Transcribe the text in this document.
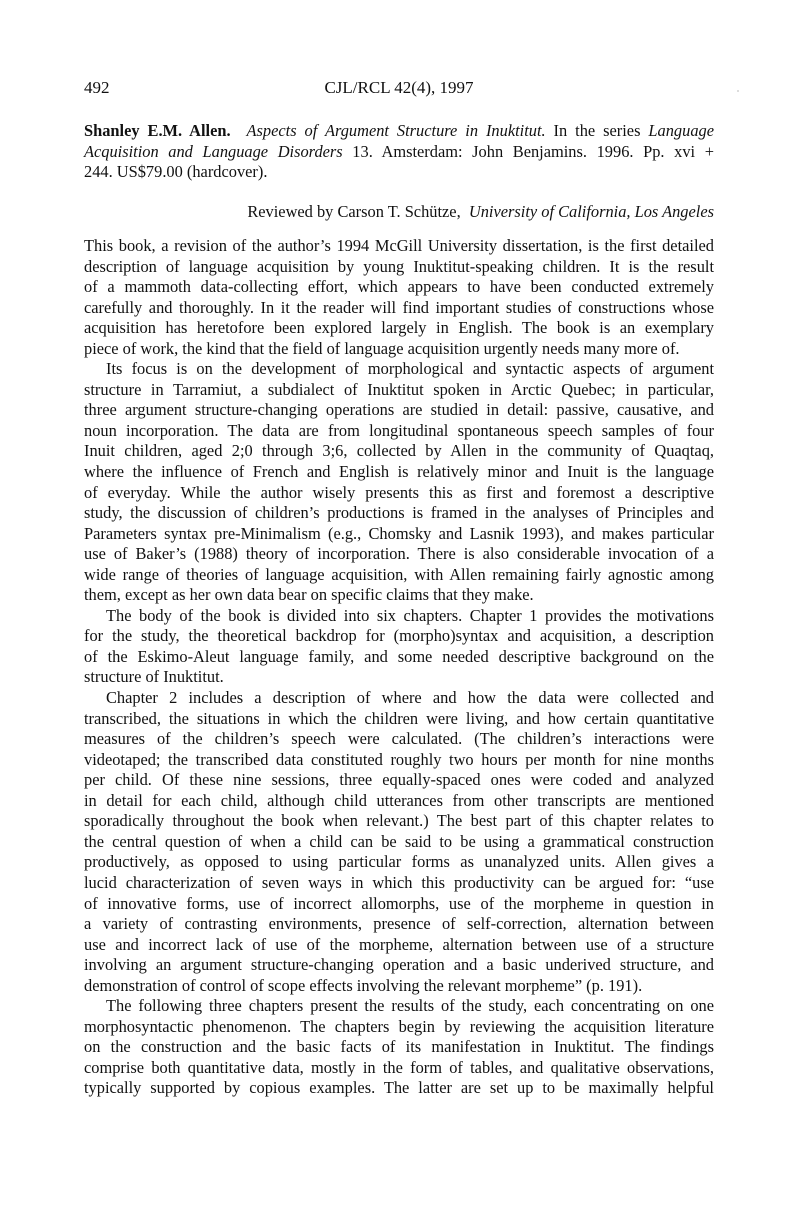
492	CJL/RCL 42(4), 1997
Shanley E.M. Allen. Aspects of Argument Structure in Inuktitut. In the series Language
Acquisition and Language Disorders 13. Amsterdam: John Benjamins. 1996. Pp. xvi +
244. US$79.00 (hardcover).
Reviewed by Carson T. Schütze, University of California, Los Angeles
This book, a revision of the author’s 1994 McGill University dissertation, is the first detailed
description of language acquisition by young Inuktitut-speaking children. It is the result
of a mammoth data-collecting effort, which appears to have been conducted extremely
carefully and thoroughly. In it the reader will find important studies of constructions whose
acquisition has heretofore been explored largely in English. The book is an exemplary
piece of work, the kind that the field of language acquisition urgently needs many more of.
Its focus is on the development of morphological and syntactic aspects of argument
structure in Tarramiut, a subdialect of Inuktitut spoken in Arctic Quebec; in particular,
three argument structure-changing operations are studied in detail: passive, causative, and
noun incorporation. The data are from longitudinal spontaneous speech samples of four
Inuit children, aged 2;0 through 3;6, collected by Allen in the community of Quaqtaq,
where the influence of French and English is relatively minor and Inuit is the language
of everyday. While the author wisely presents this as first and foremost a descriptive
study, the discussion of children’s productions is framed in the analyses of Principles and
Parameters syntax pre-Minimalism (e.g., Chomsky and Lasnik 1993), and makes particular
use of Baker’s (1988) theory of incorporation. There is also considerable invocation of a
wide range of theories of language acquisition, with Allen remaining fairly agnostic among
them, except as her own data bear on specific claims that they make.
The body of the book is divided into six chapters. Chapter 1 provides the motivations
for the study, the theoretical backdrop for (morpho)syntax and acquisition, a description
of the Eskimo-Aleut language family, and some needed descriptive background on the
structure of Inuktitut.
Chapter 2 includes a description of where and how the data were collected and
transcribed, the situations in which the children were living, and how certain quantitative
measures of the children’s speech were calculated. (The children’s interactions were
videotaped; the transcribed data constituted roughly two hours per month for nine months
per child. Of these nine sessions, three equally-spaced ones were coded and analyzed
in detail for each child, although child utterances from other transcripts are mentioned
sporadically throughout the book when relevant.) The best part of this chapter relates to
the central question of when a child can be said to be using a grammatical construction
productively, as opposed to using particular forms as unanalyzed units. Allen gives a
lucid characterization of seven ways in which this productivity can be argued for: “use
of innovative forms, use of incorrect allomorphs, use of the morpheme in question in
a variety of contrasting environments, presence of self-correction, alternation between
use and incorrect lack of use of the morpheme, alternation between use of a structure
involving an argument structure-changing operation and a basic underived structure, and
demonstration of control of scope effects involving the relevant morpheme” (p. 191).
The following three chapters present the results of the study, each concentrating on one
morphosyntactic phenomenon. The chapters begin by reviewing the acquisition literature
on the construction and the basic facts of its manifestation in Inuktitut. The findings
comprise both quantitative data, mostly in the form of tables, and qualitative observations,
typically supported by copious examples. The latter are set up to be maximally helpful
